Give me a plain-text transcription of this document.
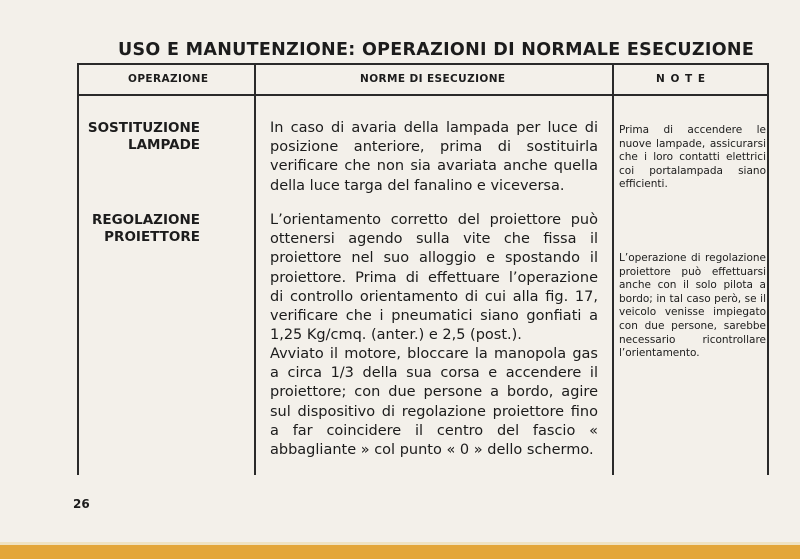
USO E MANUTENZIONE: OPERAZIONI DI NORMALE ESECUZIONE
OPERAZIONE	NORME DI ESECUZIONE	N O T E
SOSTITUZIONE
LAMPADE
In caso di avaria della lampada per luce di posizione anteriore, prima di sostituirla verificare che non sia avariata anche quella della luce targa del fanalino e viceversa.
Prima di accendere le nuove lampade, assicurarsi che i loro contatti elettrici coi portalampada siano efficienti.
REGOLAZIONE
PROIETTORE
L’orientamento corretto del proiettore può ottenersi agendo sulla vite che fissa il proiettore nel suo alloggio e spostando il proiettore. Prima di effettuare l’operazione di controllo orientamento di cui alla fig. 17, verificare che i pneumatici siano gonfiati a 1,25 Kg/cmq. (anter.) e 2,5 (post.).
Avviato il motore, bloccare la manopola gas a circa 1/3 della sua corsa e accendere il proiettore; con due persone a bordo, agire sul dispositivo di regolazione proiettore fino a far coincidere il centro del fascio « abbagliante » col punto « 0 » dello schermo.
L’operazione di regolazione proiettore può effettuarsi anche con il solo pilota a bordo; in tal caso però, se il veicolo venisse impiegato con due persone, sarebbe necessario ricontrollare l’orientamento.
26
